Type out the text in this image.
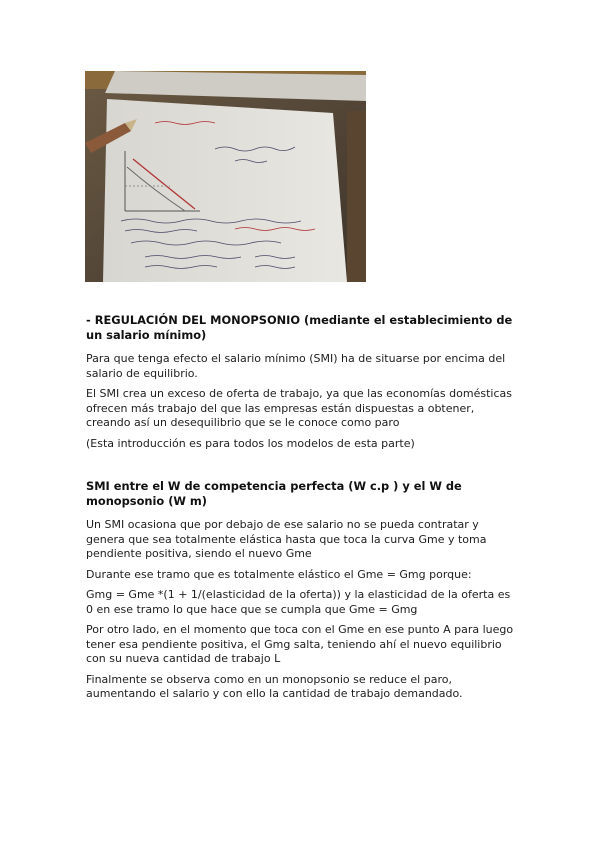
- REGULACIÓN DEL MONOPSONIO (mediante el establecimiento de un salario mínimo)

Para que tenga efecto el salario mínimo (SMI) ha de situarse por encima del salario de equilibrio.

El SMI crea un exceso de oferta de trabajo, ya que las economías domésticas ofrecen más trabajo del que las empresas están dispuestas a obtener, creando así un desequilibrio que se le conoce como paro

(Esta introducción es para todos los modelos de esta parte)

SMI entre el W de competencia perfecta (W c.p ) y el W de monopsonio (W m)

Un SMI ocasiona que por debajo de ese salario no se pueda contratar y genera que sea totalmente elástica hasta que toca la curva Gme y toma pendiente positiva, siendo el nuevo Gme

Durante ese tramo que es totalmente elástico el Gme = Gmg porque:

Gmg = Gme *(1 + 1/(elasticidad de la oferta)) y la elasticidad de la oferta es 0 en ese tramo lo que hace que se cumpla que Gme = Gmg

Por otro lado, en el momento que toca con el Gme en ese punto A para luego tener esa pendiente positiva, el Gmg salta, teniendo ahí el nuevo equilibrio con su nueva cantidad de trabajo L

Finalmente se observa como en un monopsonio se reduce el paro, aumentando el salario y con ello la cantidad de trabajo demandado.
